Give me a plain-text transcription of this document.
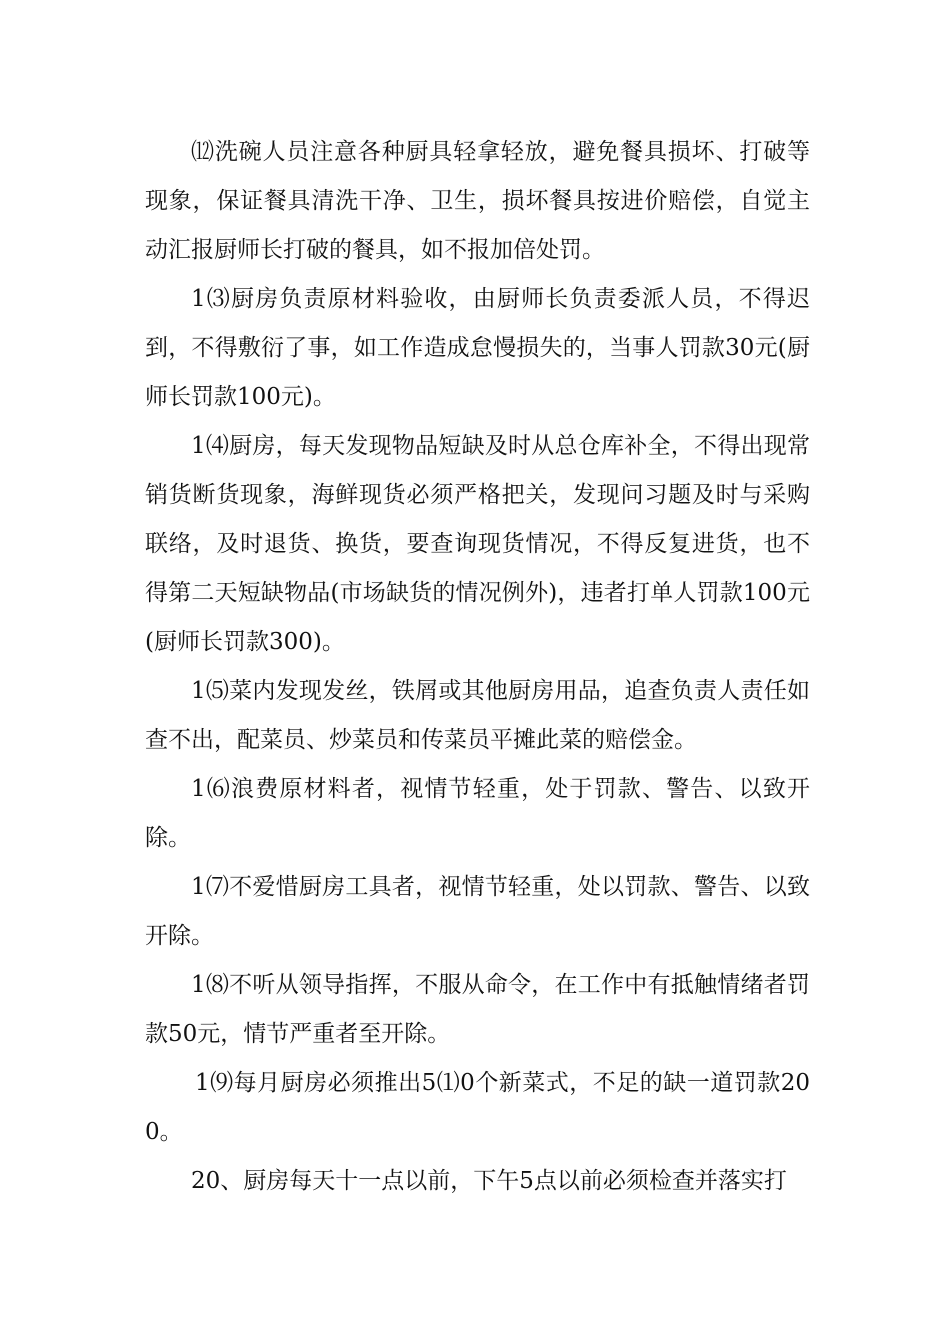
⑿洗碗人员注意各种厨具轻拿轻放，避免餐具损坏、打破等现象，保证餐具清洗干净、卫生，损坏餐具按进价赔偿，自觉主动汇报厨师长打破的餐具，如不报加倍处罚。

1⑶厨房负责原材料验收，由厨师长负责委派人员，不得迟到，不得敷衍了事，如工作造成怠慢损失的，当事人罚款30元(厨师长罚款100元)。

1⑷厨房，每天发现物品短缺及时从总仓库补全，不得出现常销货断货现象，海鲜现货必须严格把关，发现问习题及时与采购联络，及时退货、换货，要查询现货情况，不得反复进货，也不得第二天短缺物品(市场缺货的情况例外)，违者打单人罚款100元(厨师长罚款300)。

1⑸菜内发现发丝，铁屑或其他厨房用品，追查负责人责任如查不出，配菜员、炒菜员和传菜员平摊此菜的赔偿金。

1⑹浪费原材料者，视情节轻重，处于罚款、警告、以致开除。

1⑺不爱惜厨房工具者，视情节轻重，处以罚款、警告、以致开除。

1⑻不听从领导指挥，不服从命令，在工作中有抵触情绪者罚款50元，情节严重者至开除。

1⑼每月厨房必须推出5⑴0个新菜式，不足的缺一道罚款200。

20、厨房每天十一点以前，下午5点以前必须检查并落实打
